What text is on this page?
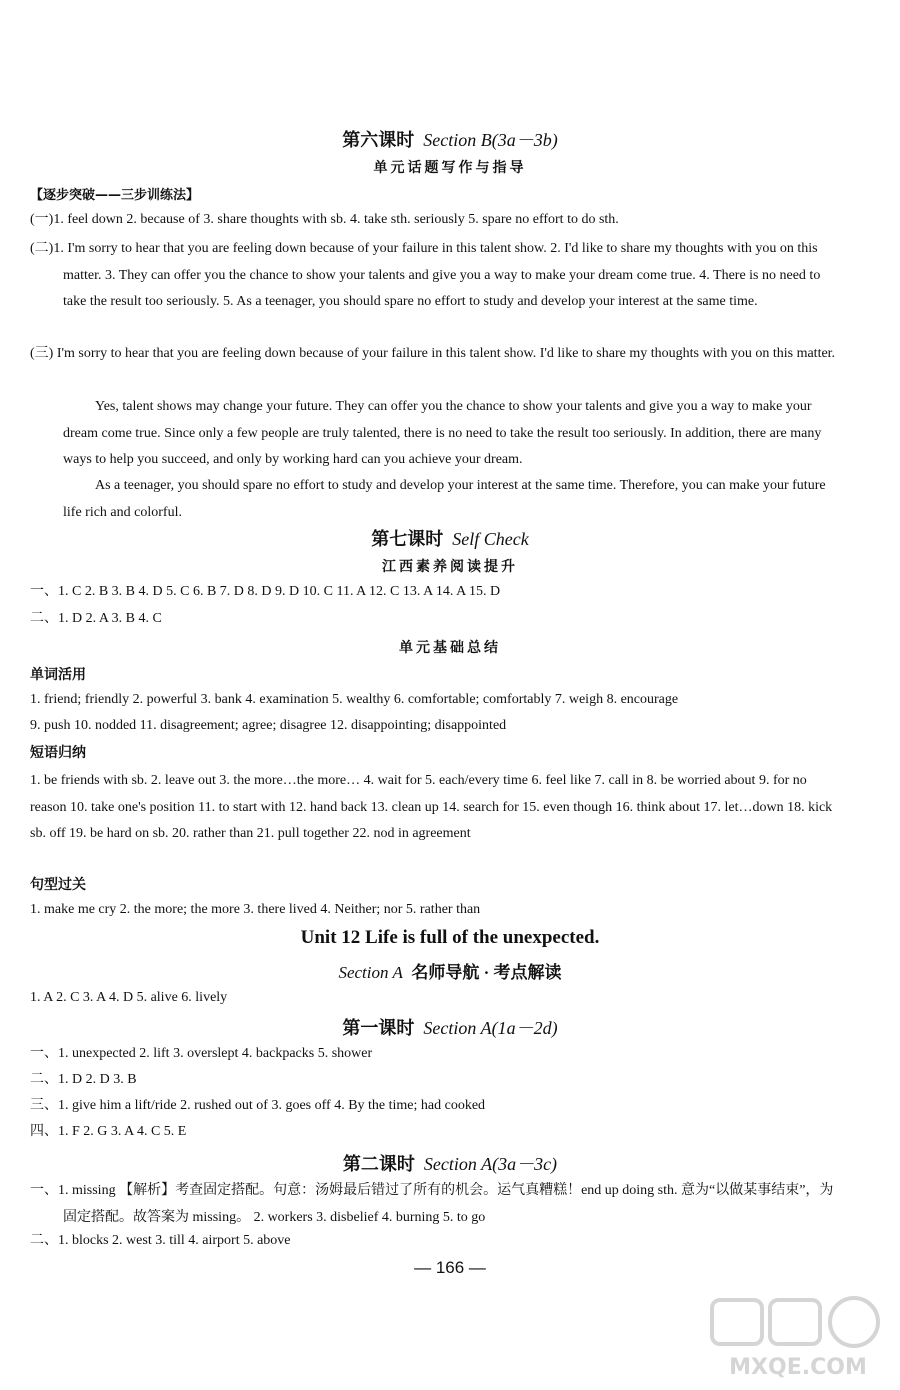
第六课时 Section B(3a－3b)
单元话题写作与指导
【逐步突破——三步训练法】
(一)1. feel down 2. because of 3. share thoughts with sb. 4. take sth. seriously 5. spare no effort to do sth.
(二)1. I'm sorry to hear that you are feeling down because of your failure in this talent show. 2. I'd like to share my thoughts with you on this matter. 3. They can offer you the chance to show your talents and give you a way to make your dream come true. 4. There is no need to take the result too seriously. 5. As a teenager, you should spare no effort to study and develop your interest at the same time.
(三) I'm sorry to hear that you are feeling down because of your failure in this talent show. I'd like to share my thoughts with you on this matter.
Yes, talent shows may change your future. They can offer you the chance to show your talents and give you a way to make your dream come true. Since only a few people are truly talented, there is no need to take the result too seriously. In addition, there are many ways to help you succeed, and only by working hard can you achieve your dream.
As a teenager, you should spare no effort to study and develop your interest at the same time. Therefore, you can make your future life rich and colorful.
第七课时 Self Check
江西素养阅读提升
一、1. C 2. B 3. B 4. D 5. C 6. B 7. D 8. D 9. D 10. C 11. A 12. C 13. A 14. A 15. D
二、1. D 2. A 3. B 4. C
单元基础总结
单词活用
1. friend; friendly 2. powerful 3. bank 4. examination 5. wealthy 6. comfortable; comfortably 7. weigh 8. encourage
9. push 10. nodded 11. disagreement; agree; disagree 12. disappointing; disappointed
短语归纳
1. be friends with sb. 2. leave out 3. the more…the more… 4. wait for 5. each/every time 6. feel like 7. call in 8. be worried about 9. for no reason 10. take one's position 11. to start with 12. hand back 13. clean up 14. search for 15. even though 16. think about 17. let…down 18. kick sb. off 19. be hard on sb. 20. rather than 21. pull together 22. nod in agreement
句型过关
1. make me cry 2. the more; the more 3. there lived 4. Neither; nor 5. rather than
Unit 12 Life is full of the unexpected.
Section A 名师导航 · 考点解读
1. A 2. C 3. A 4. D 5. alive 6. lively
第一课时 Section A(1a－2d)
一、1. unexpected 2. lift 3. overslept 4. backpacks 5. shower
二、1. D 2. D 3. B
三、1. give him a lift/ride 2. rushed out of 3. goes off 4. By the time; had cooked
四、1. F 2. G 3. A 4. C 5. E
第二课时 Section A(3a－3c)
一、1. missing 【解析】考查固定搭配。句意：汤姆最后错过了所有的机会。运气真糟糕！end up doing sth. 意为“以做某事结束”，为固定搭配。故答案为 missing。 2. workers 3. disbelief 4. burning 5. to go
二、1. blocks 2. west 3. till 4. airport 5. above
— 166 —
MXQE.COM
